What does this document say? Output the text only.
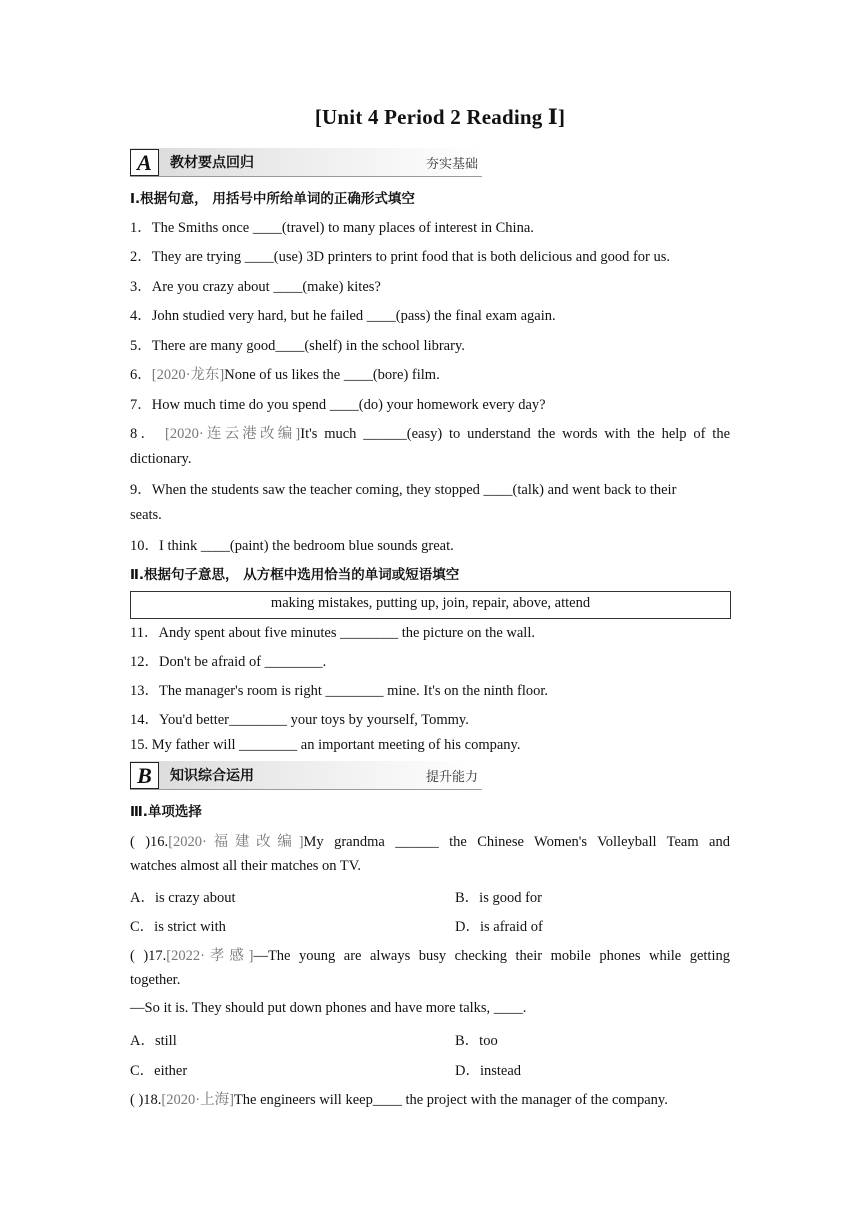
[Unit 4 Period 2 Reading Ⅰ]
A	教材要点回归	夯实基础
Ⅰ.根据句意， 用括号中所给单词的正确形式填空
1．The Smiths once ____(travel) to many places of interest in China.
2．They are trying ____(use) 3D printers to print food that is both delicious and good for us.
3．Are you crazy about ____(make) kites?
4．John studied very hard, but he failed ____(pass) the final exam again.
5．There are many good____(shelf) in the school library.
6．[2020·龙东]None of us likes the ____(bore) film.
7．How much time do you spend ____(do) your homework every day?
8． [2020·连云港改编]It's much ______(easy) to understand the words with the help of the
dictionary.
9．When the students saw the teacher coming, they stopped ____(talk) and went back to their
seats.
10．I think ____(paint) the bedroom blue sounds great.
Ⅱ.根据句子意思， 从方框中选用恰当的单词或短语填空
making mistakes, putting up, join, repair, above, attend
11．Andy spent about five minutes ________ the picture on the wall.
12．Don't be afraid of ________.
13．The manager's room is right ________ mine. It's on the ninth floor.
14．You'd better________ your toys by yourself, Tommy.
15. My father will ________ an important meeting of his company.
B	知识综合运用	提升能力
Ⅲ.单项选择
( )16.[2020·福建改编]My grandma ______ the Chinese Women's Volleyball Team and
watches almost all their matches on TV.
A．is crazy about	B．is good for
C．is strict with	D．is afraid of
( )17.[2022·孝感]—The young are always busy checking their mobile phones while getting
together.
—So it is. They should put down phones and have more talks, ____.
A．still	B．too
C．either	D．instead
( )18.[2020·上海]The engineers will keep____ the project with the manager of the company.
